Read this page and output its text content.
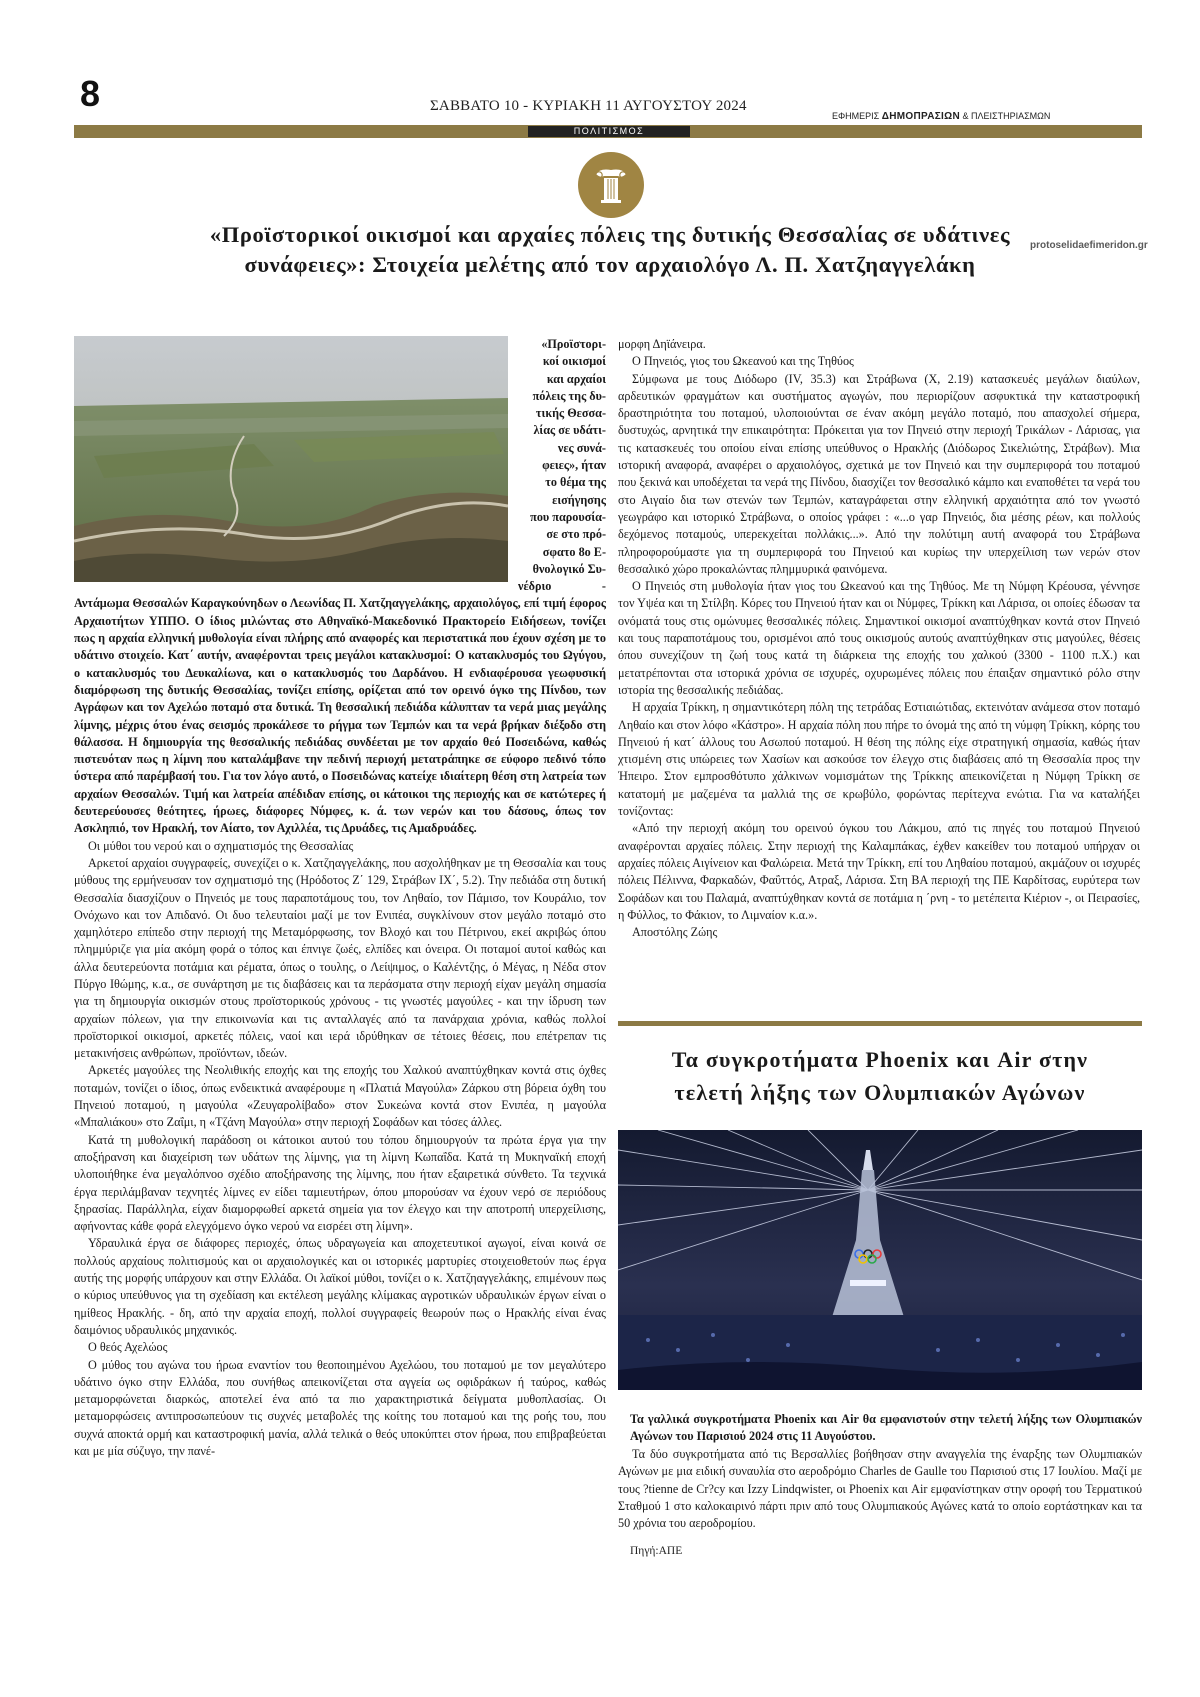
8	ΣΑΒΒΑΤΟ 10 - ΚΥΡΙΑΚΗ 11 ΑΥΓΟΥΣΤΟΥ 2024
ΕΦΗΜΕΡΙΣ ΔΗΜΟΠΡΑΣΙΩΝ & ΠΛΕΙΣΤΗΡΙΑΣΜΩΝ
ΠΟΛΙΤΙΣΜΟΣ
«Προϊστορικοί οικισμοί και αρχαίες πόλεις της δυτικής Θεσσαλίας σε υδάτινες
συνάφειες»: Στοιχεία μελέτης από τον αρχαιολόγο Λ. Π. Χατζηαγγελάκη
protoselidaefimeridon.gr
«Προϊστορι-
κοί οικισμοί
και αρχαίοι
πόλεις της δυ-
τικής Θεσσα-
λίας σε υδάτι-
νες συνά-
φειες», ήταν
το θέμα της
εισήγησης
που παρουσία-
σε στο πρό-
σφατο 8ο Ε-
θνολογικό Συ-

νέδριο - Αντάμωμα Θεσσαλών Καραγκούνηδων ο Λεωνίδας Π. Χατζηαγγελάκης, αρχαιολόγος, επί τιμή έφορος Αρχαιοτήτων ΥΠΠΟ. Ο ίδιος μιλώντας στο Αθηναϊκό-Μακεδονικό Πρακτορείο Ειδήσεων, τονίζει πως η αρχαία ελληνική μυθολογία είναι πλήρης από αναφορές και περιστατικά που έχουν σχέση με το υδάτινο στοιχείο. Κατ΄ αυτήν, αναφέρονται τρεις μεγάλοι κατακλυσμοί: Ο κατακλυσμός του Ωγύγου, ο κατακλυσμός του Δευκαλίωνα, και ο κατακλυσμός του Δαρδάνου. Η ενδιαφέρουσα γεωφυσική διαμόρφωση της δυτικής Θεσσαλίας, τονίζει επίσης, ορίζεται από τον ορεινό όγκο της Πίνδου, των Αγράφων και τον Αχελώο ποταμό στα δυτικά. Τη θεσσαλική πεδιάδα κάλυπταν τα νερά μιας μεγάλης λίμνης, μέχρις ότου ένας σεισμός προκάλεσε το ρήγμα των Τεμπών και τα νερά βρήκαν διέξοδο στη θάλασσα. Η δημιουργία της θεσσαλικής πεδιάδας συνδέεται με τον αρχαίο θεό Ποσειδώνα, καθώς πιστευόταν πως η λίμνη που καταλάμβανε την πεδινή περιοχή μετατράπηκε σε εύφορο πεδινό τόπο ύστερα από παρέμβασή του. Για τον λόγο αυτό, ο Ποσειδώνας κατείχε ιδιαίτερη θέση στη λατρεία των αρχαίων Θεσσαλών. Τιμή και λατρεία απέδιδαν επίσης, οι κάτοικοι της περιοχής και σε κατώτερες ή δευτερεύουσες θεότητες, ήρωες, διάφορες Νύμφες, κ. ά. των νερών και του δάσους, όπως τον Ασκληπιό, τον Ηρακλή, τον Αίατο, τον Αχιλλέα, τις Δρυάδες, τις Αμαδρυάδες.

Οι μύθοι του νερού και ο σχηματισμός της Θεσσαλίας

Αρκετοί αρχαίοι συγγραφείς, συνεχίζει ο κ. Χατζηαγγελάκης, που ασχολήθηκαν με τη Θεσσαλία και τους μύθους της ερμήνευσαν τον σχηματισμό της (Ηρόδοτος Ζ΄ 129, Στράβων ΙΧ΄, 5.2). Την πεδιάδα στη δυτική Θεσσαλία διασχίζουν ο Πηνειός με τους παραποτάμους του, τον Ληθαίο, τον Πάμισο, τον Κουράλιο, τον Ονόχωνο και τον Απιδανό. Οι δυο τελευταίοι μαζί με τον Ενιπέα, συγκλίνουν στον μεγάλο ποταμό στο χαμηλότερο επίπεδο στην περιοχή της Μεταμόρφωσης, τον Βλοχό και του Πέτρινου, εκεί ακριβώς όπου πλημμύριζε για μία ακόμη φορά ο τόπος και έπνιγε ζωές, ελπίδες και όνειρα. Οι ποταμοί αυτοί καθώς και άλλα δευτερεύοντα ποτάμια και ρέματα, όπως ο τουλης, ο Λείψιμος, ο Καλέντζης, ό Μέγας, η Νέδα στον Πύργο Ιθώμης, κ.α., σε συνάρτηση με τις διαβάσεις και τα περάσματα στην περιοχή είχαν μεγάλη σημασία για τη δημιουργία οικισμών στους προϊστορικούς χρόνους - τις γνωστές μαγούλες - και την ίδρυση των αρχαίων πόλεων, για την επικοινωνία και τις ανταλλαγές από τα πανάρχαια χρόνια, καθώς πολλοί προϊστορικοί οικισμοί, αρκετές πόλεις, ναοί και ιερά ιδρύθηκαν σε τέτοιες θέσεις, που επέτρεπαν τις μετακινήσεις ανθρώπων, προϊόντων, ιδεών.

Αρκετές μαγούλες της Νεολιθικής εποχής και της εποχής του Χαλκού αναπτύχθηκαν κοντά στις όχθες ποταμών, τονίζει ο ίδιος, όπως ενδεικτικά αναφέρουμε η «Πλατιά Μαγούλα» Ζάρκου στη βόρεια όχθη του Πηνειού ποταμού, η μαγούλα «Ζευγαρολίβαδο» στον Συκεώνα κοντά στον Ενιπέα, η μαγούλα «Μπαλιάκου» στο Ζαΐμι, η «Τζάνη Μαγούλα» στην περιοχή Σοφάδων και τόσες άλλες.

Κατά τη μυθολογική παράδοση οι κάτοικοι αυτού του τόπου δημιουργούν τα πρώτα έργα για την αποξήρανση και διαχείριση των υδάτων της λίμνης, για τη λίμνη Κωπαΐδα. Κατά τη Μυκηναϊκή εποχή υλοποιήθηκε ένα μεγαλόπνοο σχέδιο αποξήρανσης της λίμνης, που ήταν εξαιρετικά σύνθετο. Τα τεχνικά έργα περιλάμβαναν τεχνητές λίμνες εν είδει ταμιευτήρων, όπου μπορούσαν να έχουν νερό σε περιόδους ξηρασίας. Παράλληλα, είχαν διαμορφωθεί αρκετά σημεία για τον έλεγχο και την αποτροπή υπερχείλισης, αφήνοντας κάθε φορά ελεγχόμενο όγκο νερού να εισρέει στη λίμνη».

Υδραυλικά έργα σε διάφορες περιοχές, όπως υδραγωγεία και αποχετευτικοί αγωγοί, είναι κοινά σε πολλούς αρχαίους πολιτισμούς και οι αρχαιολογικές και οι ιστορικές μαρτυρίες στοιχειοθετούν πως έργα αυτής της μορφής υπάρχουν και στην Ελλάδα. Οι λαϊκοί μύθοι, τονίζει ο κ. Χατζηαγγελάκης, επιμένουν πως ο κύριος υπεύθυνος για τη σχεδίαση και εκτέλεση μεγάλης κλίμακας αγροτικών υδραυλικών έργων είναι ο ημίθεος Ηρακλής. - δη, από την αρχαία εποχή, πολλοί συγγραφείς θεωρούν πως ο Ηρακλής είναι ένας δαιμόνιος υδραυλικός μηχανικός.

Ο θεός Αχελώος

Ο μύθος του αγώνα του ήρωα εναντίον του θεοποιημένου Αχελώου, του ποταμού με τον μεγαλύτερο υδάτινο όγκο στην Ελλάδα, που συνήθως απεικονίζεται στα αγγεία ως οφιδράκων ή ταύρος, καθώς μεταμορφώνεται διαρκώς, αποτελεί ένα από τα πιο χαρακτηριστικά δείγματα μυθοπλασίας. Οι μεταμορφώσεις αντιπροσωπεύουν τις συχνές μεταβολές της κοίτης του ποταμού και της ροής του, που συχνά αποκτά ορμή και καταστροφική μανία, αλλά τελικά ο θεός υποκύπτει στον ήρωα, που επιβραβεύεται και με μία σύζυγο, την πανέ-

μορφη Δηϊάνειρα.

Ο Πηνειός, γιος του Ωκεανού και της Τηθύος

Σύμφωνα με τους Διόδωρο (IV, 35.3) και Στράβωνα (Χ, 2.19) κατασκευές μεγάλων διαύλων, αρδευτικών φραγμάτων και συστήματος αγωγών, που περιορίζουν ασφυκτικά την καταστροφική δραστηριότητα του ποταμού, υλοποιούνται σε έναν ακόμη μεγάλο ποταμό, που απασχολεί σήμερα, δυστυχώς, αρνητικά την επικαιρότητα: Πρόκειται για τον Πηνειό στην περιοχή Τρικάλων - Λάρισας, για τις κατασκευές του οποίου είναι επίσης υπεύθυνος ο Ηρακλής (Διόδωρος Σικελιώτης, Στράβων). Μια ιστορική αναφορά, αναφέρει ο αρχαιολόγος, σχετικά με τον Πηνειό και την συμπεριφορά του ποταμού που ξεκινά και υποδέχεται τα νερά της Πίνδου, διασχίζει τον θεσσαλικό κάμπο και εναποθέτει τα νερά του στο Αιγαίο δια των στενών των Τεμπών, καταγράφεται στην ελληνική αρχαιότητα από τον γνωστό γεωγράφο και ιστορικό Στράβωνα, ο οποίος γράφει : «...ο γαρ Πηνειός, δια μέσης ρέων, και πολλούς δεχόμενος ποταμούς, υπερεκχείται πολλάκις...». Από την πολύτιμη αυτή αναφορά του Στράβωνα πληροφορούμαστε για τη συμπεριφορά του Πηνειού και κυρίως την υπερχείλιση των νερών στον θεσσαλικό χώρο προκαλώντας πλημμυρικά φαινόμενα.

Ο Πηνειός στη μυθολογία ήταν γιος του Ωκεανού και της Τηθύος. Με τη Νύμφη Κρέουσα, γέννησε τον Υψέα και τη Στίλβη. Κόρες του Πηνειού ήταν και οι Νύμφες, Τρίκκη και Λάρισα, οι οποίες έδωσαν τα ονόματά τους στις ομώνυμες θεσσαλικές πόλεις. Σημαντικοί οικισμοί αναπτύχθηκαν κοντά στον Πηνειό και τους παραποτάμους του, ορισμένοι από τους οικισμούς αυτούς αναπτύχθηκαν στις μαγούλες, θέσεις όπου συνεχίζουν τη ζωή τους κατά τη διάρκεια της εποχής του χαλκού (3300 - 1100 π.Χ.) και μετατρέπονται στα ιστορικά χρόνια σε ισχυρές, οχυρωμένες πόλεις που έπαιξαν σημαντικό ρόλο στην ιστορία της θεσσαλικής πεδιάδας.

Η αρχαία Τρίκκη, η σημαντικότερη πόλη της τετράδας Εστιαιώτιδας, εκτεινόταν ανάμεσα στον ποταμό Ληθαίο και στον λόφο «Κάστρο». Η αρχαία πόλη που πήρε το όνομά της από τη νύμφη Τρίκκη, κόρης του Πηνειού ή κατ΄ άλλους του Ασωπού ποταμού. Η θέση της πόλης είχε στρατηγική σημασία, καθώς ήταν χτισμένη στις υπώρειες των Χασίων και ασκούσε τον έλεγχο στις διαβάσεις από τη Θεσσαλία προς την Ήπειρο. Στον εμπροσθότυπο χάλκινων νομισμάτων της Τρίκκης απεικονίζεται η Νύμφη Τρίκκη σε κατατομή με μαζεμένα τα μαλλιά της σε κρωβύλο, φορώντας περίτεχνα ενώτια. Για να καταλήξει τονίζοντας:

«Από την περιοχή ακόμη του ορεινού όγκου του Λάκμου, από τις πηγές του ποταμού Πηνειού αναφέρονται αρχαίες πόλεις. Στην περιοχή της Καλαμπάκας, έχθεν κακείθεν του ποταμού υπήρχαν οι αρχαίες πόλεις Αιγίνειον και Φαλώρεια. Μετά την Τρίκκη, επί του Ληθαίου ποταμού, ακμάζουν οι ισχυρές πόλεις Πέλιννα, Φαρκαδών, Φαΰττός, Ατραξ, Λάρισα. Στη ΒΑ περιοχή της ΠΕ Καρδίτσας, ευρύτερα των Σοφάδων και του Παλαμά, αναπτύχθηκαν κοντά σε ποτάμια η ΄ρνη - το μετέπειτα Κιέριον -, οι Πειρασίες, η Φύλλος, το Φάκιον, το Λιμναίον κ.α.».

Αποστόλης Ζώης

Τα συγκροτήματα Phoenix και Air στην
τελετή λήξης των Ολυμπιακών Αγώνων
Τα γαλλικά συγκροτήματα Phoenix και Air θα εμφανιστούν στην τελετή λήξης των Ολυμπιακών Αγώνων του Παρισιού 2024 στις 11 Αυγούστου.

Τα δύο συγκροτήματα από τις Βερσαλλίες βοήθησαν στην αναγγελία της έναρξης των Ολυμπιακών Αγώνων με μια ειδική συναυλία στο αεροδρόμιο Charles de Gaulle του Παρισιού στις 17 Ιουλίου. Μαζί με τους ?tienne de Cr?cy και Izzy Lindqwister, οι Phoenix και Air εμφανίστηκαν στην οροφή του Τερματικού Σταθμού 1 στο καλοκαιρινό πάρτι πριν από τους Ολυμπιακούς Αγώνες κατά το οποίο εορτάστηκαν και τα 50 χρόνια του αεροδρομίου.

Πηγή:ΑΠΕ
